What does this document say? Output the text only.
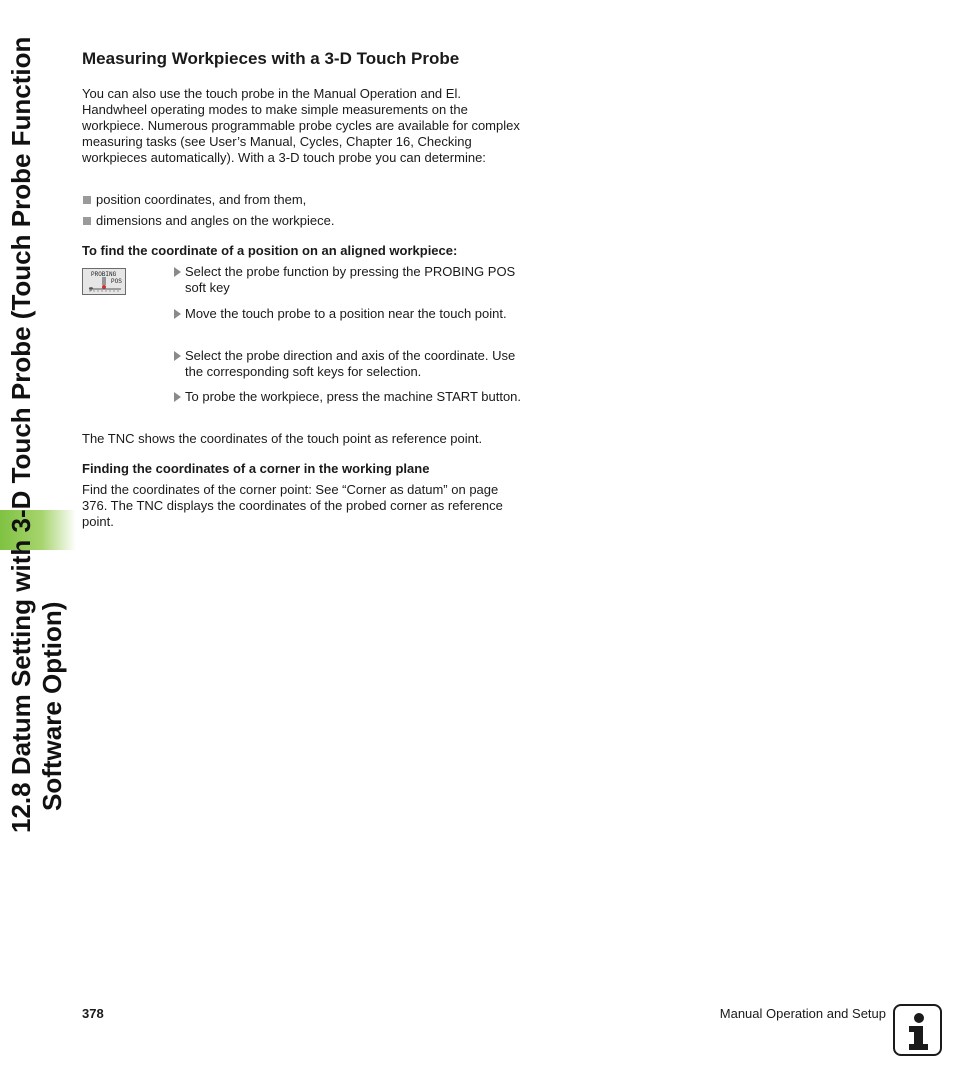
12.8 Datum Setting with 3-D Touch Probe (Touch Probe Function Software Option)
Measuring Workpieces with a 3-D Touch Probe

You can also use the touch probe in the Manual Operation and El. Handwheel operating modes to make simple measurements on the workpiece. Numerous programmable probe cycles are available for complex measuring tasks (see User’s Manual, Cycles, Chapter 16, Checking workpieces automatically). With a 3-D touch probe you can determine:

position coordinates, and from them,
dimensions and angles on the workpiece.
To find the coordinate of a position on an aligned workpiece:
PROBING
POS
Select the probe function by pressing the PROBING POS soft key
Move the touch probe to a position near the touch point.
Select the probe direction and axis of the coordinate. Use the corresponding soft keys for selection.
To probe the workpiece, press the machine START button.

The TNC shows the coordinates of the touch point as reference point.

Finding the coordinates of a corner in the working plane

Find the coordinates of the corner point: See “Corner as datum” on page 376. The TNC displays the coordinates of the probed corner as reference point.

378	Manual Operation and Setup
